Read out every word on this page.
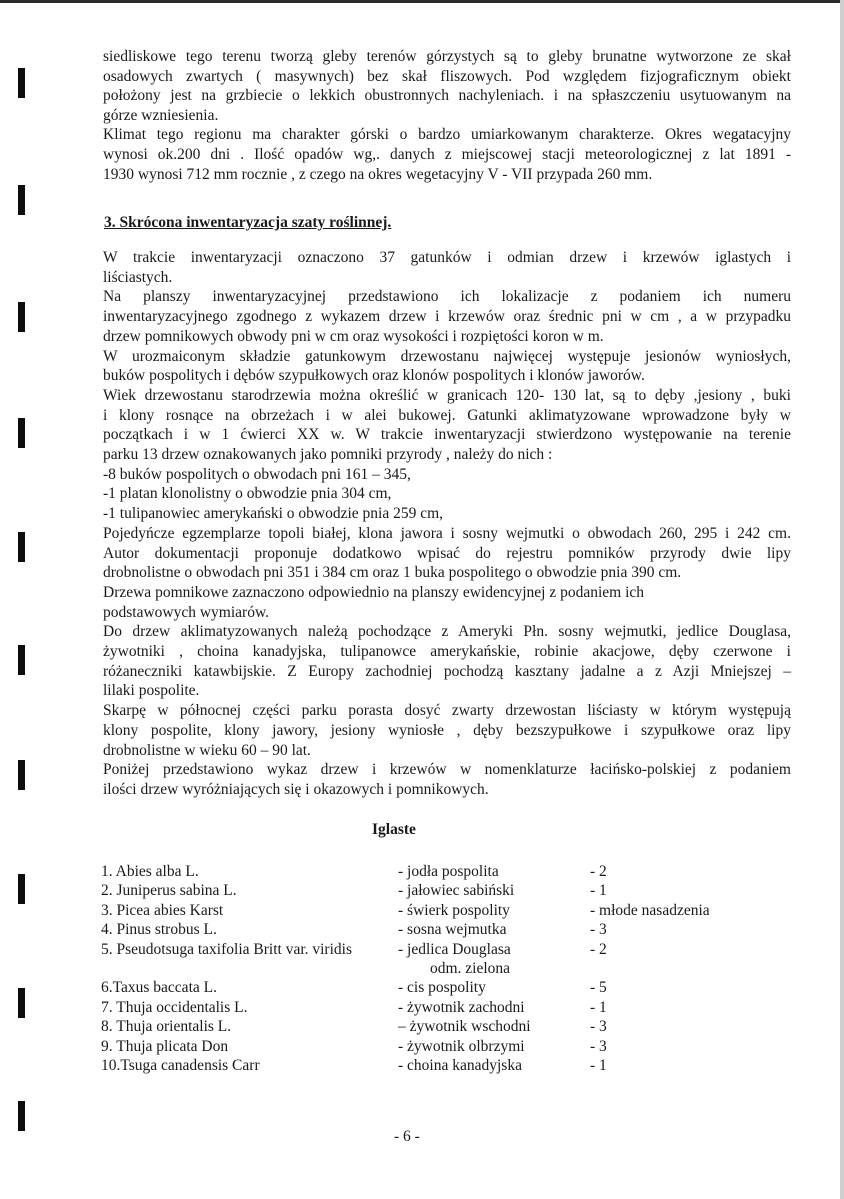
siedliskowe tego terenu tworzą gleby terenów górzystych są to gleby brunatne wytworzone ze skał
osadowych zwartych ( masywnych) bez skał fliszowych. Pod względem fizjograficznym obiekt
położony jest na grzbiecie o lekkich obustronnych nachyleniach. i na spłaszczeniu usytuowanym na
górze wzniesienia.
Klimat tego regionu ma charakter górski o bardzo umiarkowanym charakterze. Okres wegatacyjny
wynosi ok.200 dni . Ilość opadów wg,. danych z miejscowej stacji meteorologicznej z lat 1891 -
1930 wynosi 712 mm rocznie , z czego na okres wegetacyjny V - VII przypada 260 mm.
3. Skrócona inwentaryzacja szaty roślinnej.
W trakcie inwentaryzacji oznaczono 37 gatunków i odmian drzew i krzewów iglastych i
liściastych.
Na planszy inwentaryzacyjnej przedstawiono ich lokalizacje z podaniem ich numeru
inwentaryzacyjnego zgodnego z wykazem drzew i krzewów oraz średnic pni w cm , a w przypadku
drzew pomnikowych obwody pni w cm oraz wysokości i rozpiętości koron w m.
W urozmaiconym składzie gatunkowym drzewostanu najwięcej występuje jesionów wyniosłych,
buków pospolitych i dębów szypułkowych oraz klonów pospolitych i klonów jaworów.
Wiek drzewostanu starodrzewia można określić w granicach 120- 130 lat, są to dęby ,jesiony , buki
i klony rosnące na obrzeżach i w alei bukowej. Gatunki aklimatyzowane wprowadzone były w
początkach i w 1 ćwierci XX w. W trakcie inwentaryzacji stwierdzono występowanie na terenie
parku 13 drzew oznakowanych jako pomniki przyrody , należy do nich :
-8 buków pospolitych o obwodach pni 161 – 345,
-1 platan klonolistny o obwodzie pnia 304 cm,
-1 tulipanowiec amerykański o obwodzie pnia 259 cm,
Pojedyńcze egzemplarze topoli białej, klona jawora i sosny wejmutki o obwodach 260, 295 i 242 cm.
Autor dokumentacji proponuje dodatkowo wpisać do rejestru pomników przyrody dwie lipy
drobnolistne o obwodach pni 351 i 384 cm oraz 1 buka pospolitego o obwodzie pnia 390 cm.
Drzewa pomnikowe zaznaczono odpowiednio na planszy ewidencyjnej z podaniem ich
podstawowych wymiarów.
Do drzew aklimatyzowanych należą pochodzące z Ameryki Płn. sosny wejmutki, jedlice Douglasa,
żywotniki , choina kanadyjska, tulipanowce amerykańskie, robinie akacjowe, dęby czerwone i
różaneczniki katawbijskie. Z Europy zachodniej pochodzą kasztany jadalne a z Azji Mniejszej –
lilaki pospolite.
Skarpę w północnej części parku porasta dosyć zwarty drzewostan liściasty w którym występują
klony pospolite, klony jawory, jesiony wyniosłe , dęby bezszypułkowe i szypułkowe oraz lipy
drobnolistne w wieku 60 – 90 lat.
Poniżej przedstawiono wykaz drzew i krzewów w nomenklaturze łacińsko-polskiej z podaniem
ilości drzew wyróżniających się i okazowych i pomnikowych.
Iglaste
1. Abies alba L.	- jodła pospolita	- 2
2. Juniperus sabina L.	- jałowiec sabiński	- 1
3. Picea abies Karst	- świerk pospolity	- młode nasadzenia
4. Pinus strobus L.	- sosna wejmutka	- 3
5. Pseudotsuga taxifolia Britt var. viridis	- jedlica Douglasa	- 2
odm. zielona
6.Taxus baccata L.	- cis pospolity	- 5
7. Thuja occidentalis L.	- żywotnik zachodni	- 1
8. Thuja orientalis L.	– żywotnik wschodni	- 3
9. Thuja plicata Don	- żywotnik olbrzymi	- 3
10.Tsuga canadensis Carr	- choina kanadyjska	- 1
- 6 -
